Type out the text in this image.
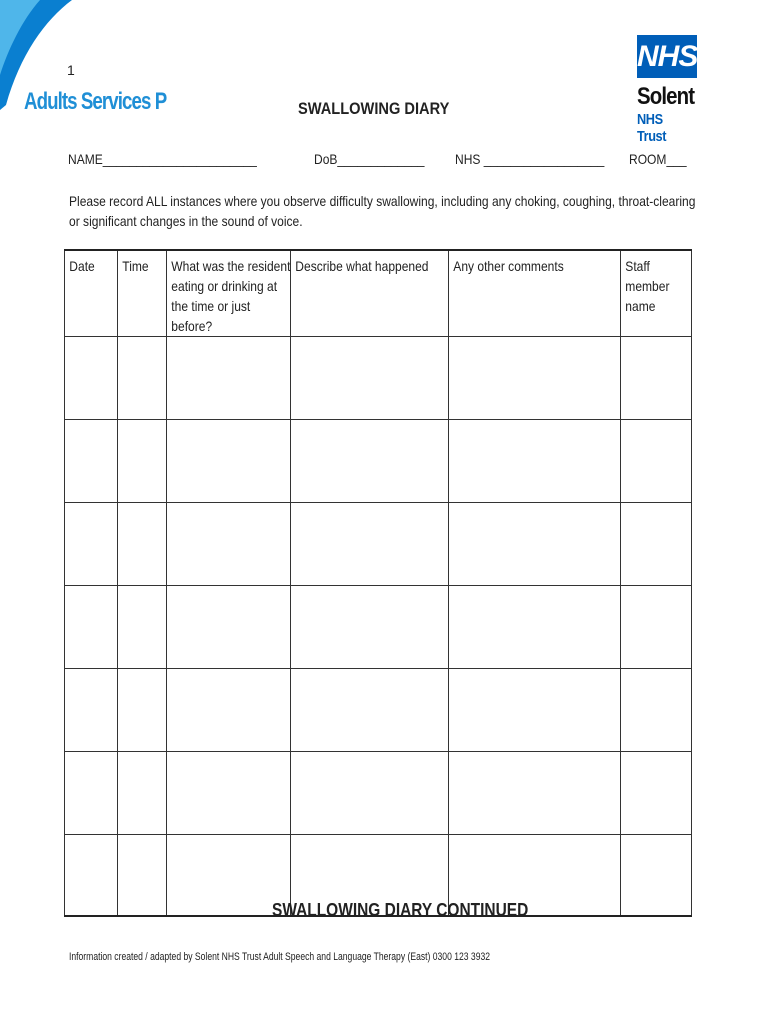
1
Adults Services P
NHS
Solent
NHS Trust
SWALLOWING DIARY
NAME_______________________	DoB_____________ NHS __________________ ROOM___
Please record ALL instances where you observe difficulty swallowing, including any choking, coughing, throat-clearing or significant changes in the sound of voice.
Date	Time	What was the resident eating or drinking at the time or just before?	Describe what happened	Any other comments	Staff member name

SWALLOWING DIARY CONTINUED
Information created / adapted by Solent NHS Trust Adult Speech and Language Therapy (East) 0300 123 3932
